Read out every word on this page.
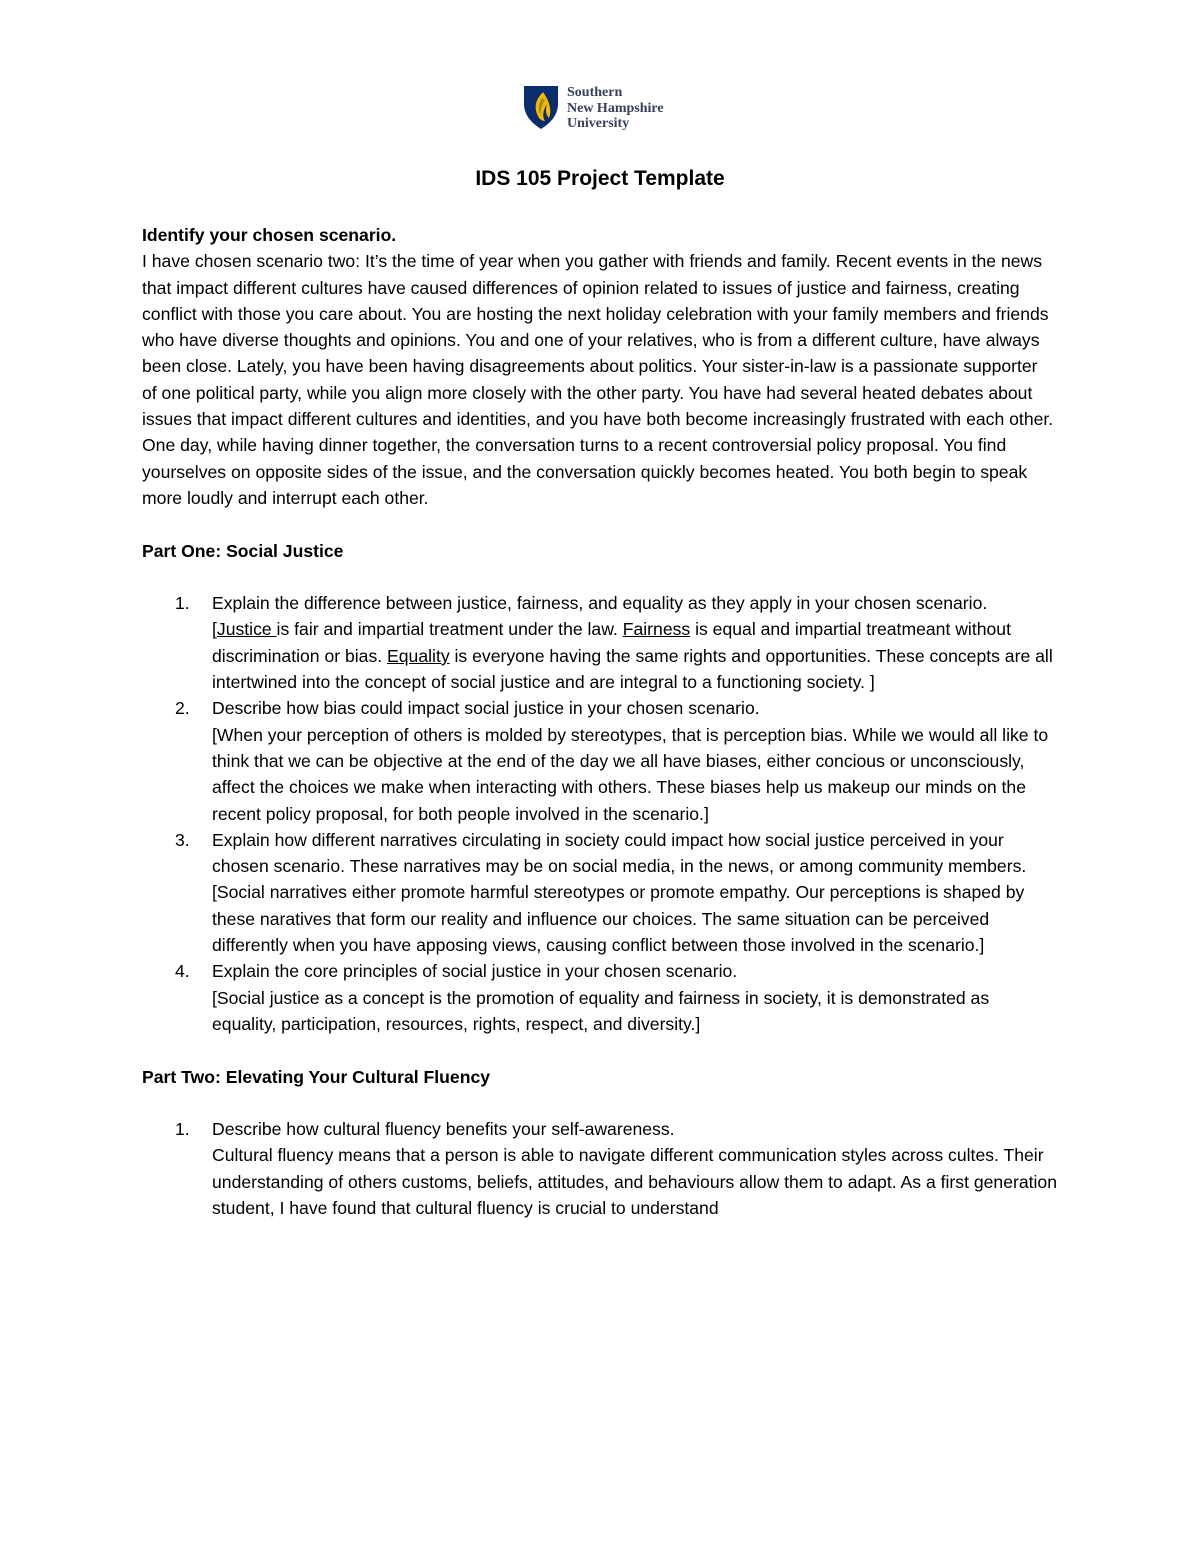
Southern
New Hampshire
University
IDS 105 Project Template

Identify your chosen scenario.

I have chosen scenario two: It’s the time of year when you gather with friends and family. Recent events in the news that impact different cultures have caused differences of opinion related to issues of justice and fairness, creating conflict with those you care about. You are hosting the next holiday celebration with your family members and friends who have diverse thoughts and opinions. You and one of your relatives, who is from a different culture, have always been close. Lately, you have been having disagreements about politics. Your sister-in-law is a passionate supporter of one political party, while you align more closely with the other party. You have had several heated debates about issues that impact different cultures and identities, and you have both become increasingly frustrated with each other. One day, while having dinner together, the conversation turns to a recent controversial policy proposal. You find yourselves on opposite sides of the issue, and the conversation quickly becomes heated. You both begin to speak more loudly and interrupt each other.

Part One: Social Justice

1. Explain the difference between justice, fairness, and equality as they apply in your chosen scenario.
[Justice is fair and impartial treatment under the law. Fairness is equal and impartial treatmeant without discrimination or bias. Equality is everyone having the same rights and opportunities. These concepts are all intertwined into the concept of social justice and are integral to a functioning society. ]
2. Describe how bias could impact social justice in your chosen scenario.
[When your perception of others is molded by stereotypes, that is perception bias. While we would all like to think that we can be objective at the end of the day we all have biases, either concious or unconsciously, affect the choices we make when interacting with others. These biases help us makeup our minds on the recent policy proposal, for both people involved in the scenario.]
3. Explain how different narratives circulating in society could impact how social justice perceived in your chosen scenario. These narratives may be on social media, in the news, or among community members.
[Social narratives either promote harmful stereotypes or promote empathy. Our perceptions is shaped by these naratives that form our reality and influence our choices. The same situation can be perceived differently when you have apposing views, causing conflict between those involved in the scenario.]
4. Explain the core principles of social justice in your chosen scenario.
[Social justice as a concept is the promotion of equality and fairness in society, it is demonstrated as equality, participation, resources, rights, respect, and diversity.]

Part Two: Elevating Your Cultural Fluency

1. Describe how cultural fluency benefits your self-awareness.
Cultural fluency means that a person is able to navigate different communication styles across cultes. Their understanding of others customs, beliefs, attitudes, and behaviours allow them to adapt. As a first generation student, I have found that cultural fluency is crucial to understand
